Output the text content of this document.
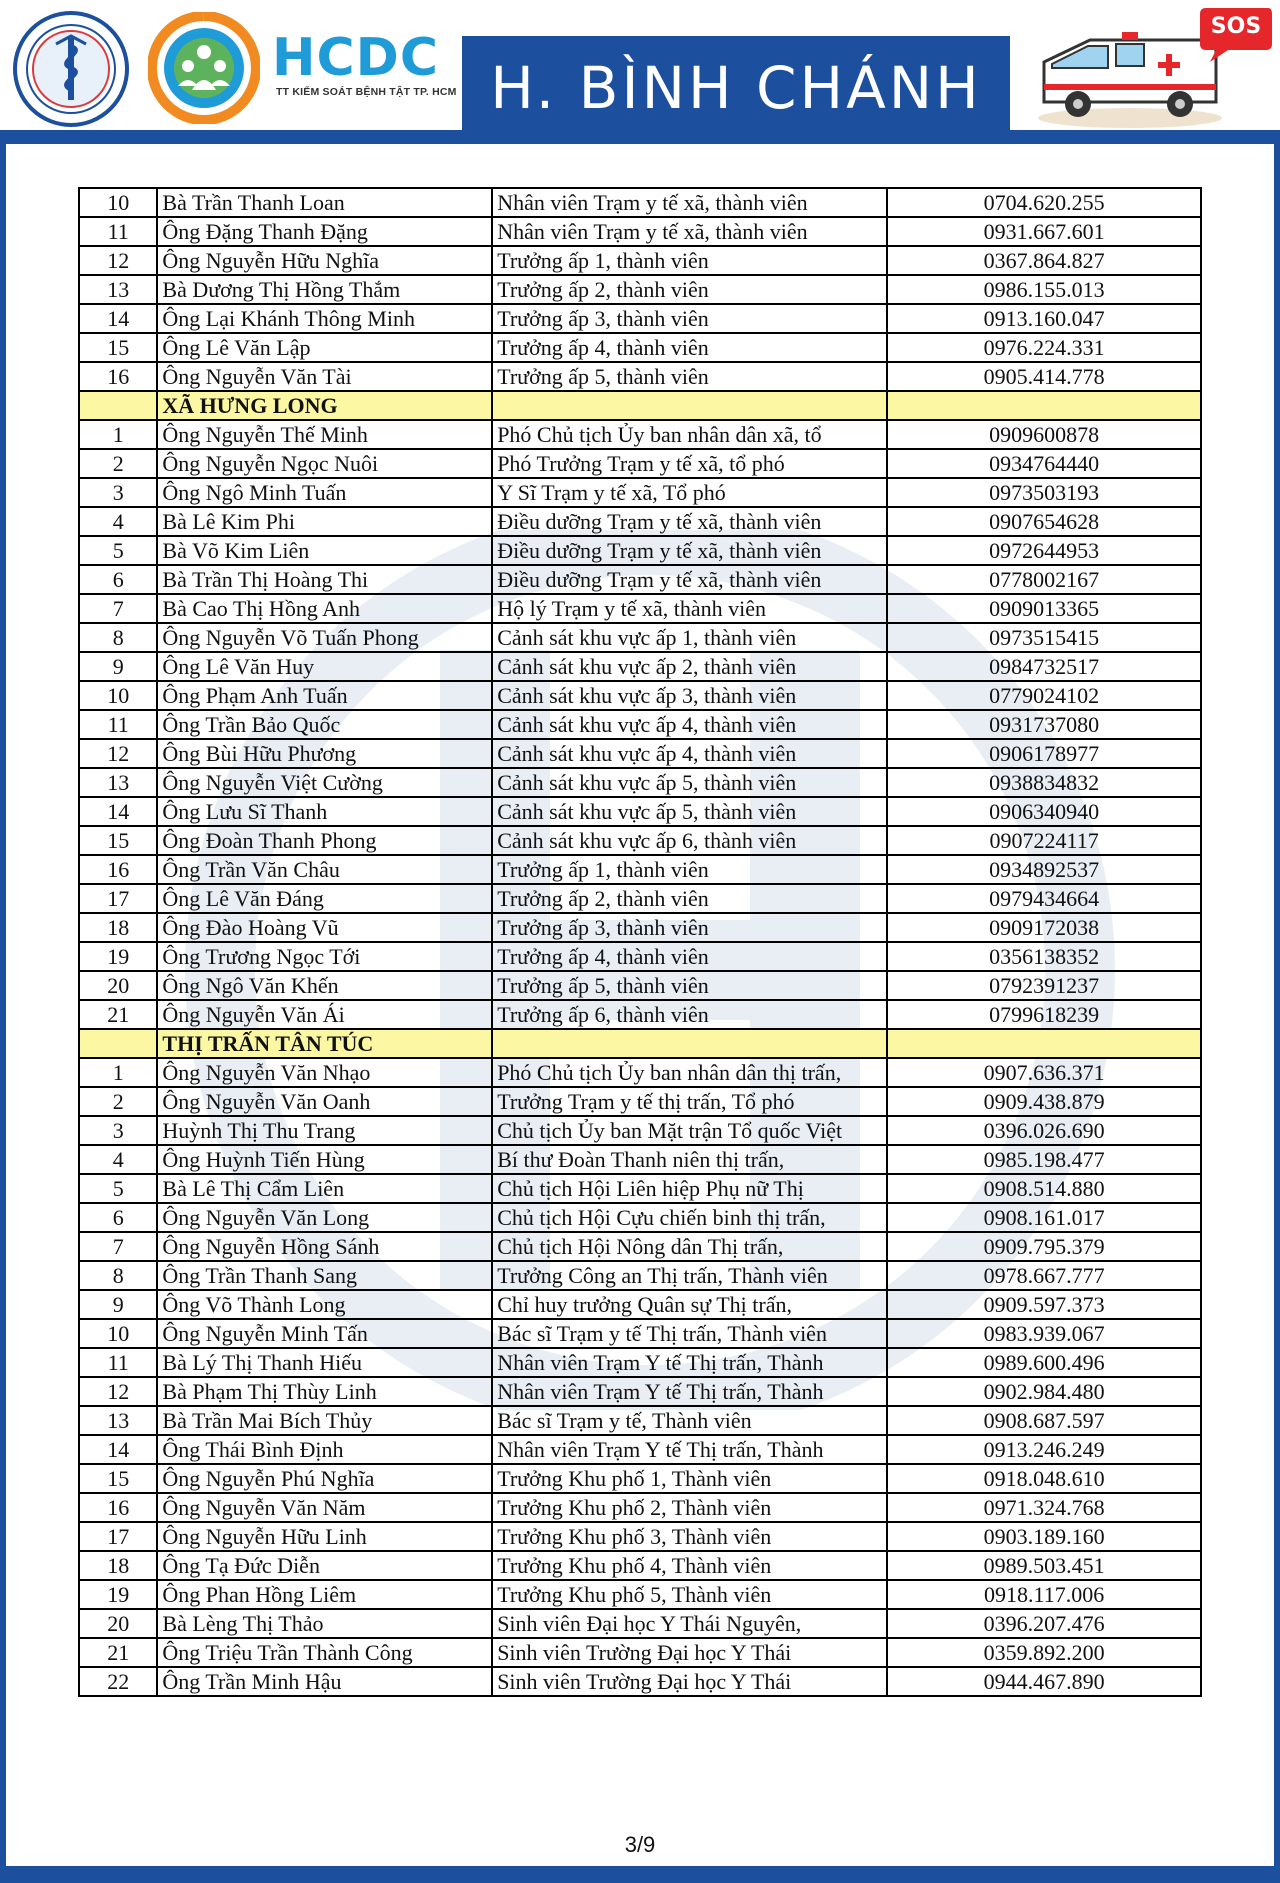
HCDC
TT KIỂM SOÁT BỆNH TẬT TP. HCM H. BÌNH CHÁNH
SOS
10	Bà Trần Thanh Loan	Nhân viên Trạm y tế xã, thành viên	0704.620.255
11	Ông Đặng Thanh Đặng	Nhân viên Trạm y tế xã, thành viên	0931.667.601
12	Ông Nguyễn Hữu Nghĩa	Trưởng ấp 1, thành viên	0367.864.827
13	Bà Dương Thị Hồng Thắm	Trưởng ấp 2, thành viên	0986.155.013
14	Ông Lại Khánh Thông Minh	Trưởng ấp 3, thành viên	0913.160.047
15	Ông Lê Văn Lập	Trưởng ấp 4, thành viên	0976.224.331
16	Ông Nguyễn Văn Tài	Trưởng ấp 5, thành viên	0905.414.778
	XÃ HƯNG LONG		
1	Ông Nguyễn Thế Minh	Phó Chủ tịch Ủy ban nhân dân xã, tổ	0909600878
2	Ông Nguyễn Ngọc Nuôi	Phó Trưởng Trạm y tế xã, tổ phó	0934764440
3	Ông Ngô Minh Tuấn	Y Sĩ Trạm y tế xã, Tổ phó	0973503193
4	Bà Lê Kim Phi	Điều dưỡng Trạm y tế xã, thành viên	0907654628
5	Bà Võ Kim Liên	Điều dưỡng Trạm y tế xã, thành viên	0972644953
6	Bà Trần Thị Hoàng Thi	Điều dưỡng Trạm y tế xã, thành viên	0778002167
7	Bà Cao Thị Hồng Anh	Hộ lý Trạm y tế xã, thành viên	0909013365
8	Ông Nguyễn Võ Tuấn Phong	Cảnh sát khu vực ấp 1, thành viên	0973515415
9	Ông Lê Văn Huy	Cảnh sát khu vực ấp 2, thành viên	0984732517
10	Ông Phạm Anh Tuấn	Cảnh sát khu vực ấp 3, thành viên	0779024102
11	Ông Trần Bảo Quốc	Cảnh sát khu vực ấp 4, thành viên	0931737080
12	Ông Bùi Hữu Phương	Cảnh sát khu vực ấp 4, thành viên	0906178977
13	Ông Nguyễn Việt Cường	Cảnh sát khu vực ấp 5, thành viên	0938834832
14	Ông Lưu Sĩ Thanh	Cảnh sát khu vực ấp 5, thành viên	0906340940
15	Ông Đoàn Thanh Phong	Cảnh sát khu vực ấp 6, thành viên	0907224117
16	Ông Trần Văn Châu	Trưởng ấp 1, thành viên	0934892537
17	Ông Lê Văn Đáng	Trưởng ấp 2, thành viên	0979434664
18	Ông Đào Hoàng Vũ	Trưởng ấp 3, thành viên	0909172038
19	Ông Trương Ngọc Tới	Trưởng ấp 4, thành viên	0356138352
20	Ông Ngô Văn Khến	Trưởng ấp 5, thành viên	0792391237
21	Ông Nguyễn Văn Ái	Trưởng ấp 6, thành viên	0799618239
	THỊ TRẤN TÂN TÚC		
1	Ông Nguyễn Văn Nhạo	Phó Chủ tịch Ủy ban nhân dân thị trấn,	0907.636.371
2	Ông Nguyễn Văn Oanh	Trưởng Trạm y tế thị trấn, Tổ phó	0909.438.879
3	Huỳnh Thị Thu Trang	Chủ tịch Ủy ban Mặt trận Tổ quốc Việt	0396.026.690
4	Ông Huỳnh Tiến Hùng	Bí thư Đoàn Thanh niên thị trấn,	0985.198.477
5	Bà Lê Thị Cẩm Liên	Chủ tịch Hội Liên hiệp Phụ nữ Thị	0908.514.880
6	Ông Nguyễn Văn Long	Chủ tịch Hội Cựu chiến binh thị trấn,	0908.161.017
7	Ông Nguyễn Hồng Sánh	Chủ tịch Hội Nông dân Thị trấn,	0909.795.379
8	Ông Trần Thanh Sang	Trưởng Công an Thị trấn, Thành viên	0978.667.777
9	Ông Võ Thành Long	Chỉ huy trưởng Quân sự Thị trấn,	0909.597.373
10	Ông Nguyễn Minh Tấn	Bác sĩ Trạm y tế Thị trấn, Thành viên	0983.939.067
11	Bà Lý Thị Thanh Hiếu	Nhân viên Trạm Y tế Thị trấn, Thành	0989.600.496
12	Bà Phạm Thị Thùy Linh	Nhân viên Trạm Y tế Thị trấn, Thành	0902.984.480
13	Bà Trần Mai Bích Thủy	Bác sĩ Trạm y tế, Thành viên	0908.687.597
14	Ông Thái Bình Định	Nhân viên Trạm Y tế Thị trấn, Thành	0913.246.249
15	Ông Nguyễn Phú Nghĩa	Trưởng Khu phố 1, Thành viên	0918.048.610
16	Ông Nguyễn Văn Năm	Trưởng Khu phố 2, Thành viên	0971.324.768
17	Ông Nguyễn Hữu Linh	Trưởng Khu phố 3, Thành viên	0903.189.160
18	Ông Tạ Đức Diễn	Trưởng Khu phố 4, Thành viên	0989.503.451
19	Ông Phan Hồng Liêm	Trưởng Khu phố 5, Thành viên	0918.117.006
20	Bà Lèng Thị Thảo	Sinh viên Đại học Y Thái Nguyên,	0396.207.476
21	Ông Triệu Trần Thành Công	Sinh viên Trường Đại học Y Thái	0359.892.200
22	Ông Trần Minh Hậu	Sinh viên Trường Đại học Y Thái	0944.467.890
3/9
